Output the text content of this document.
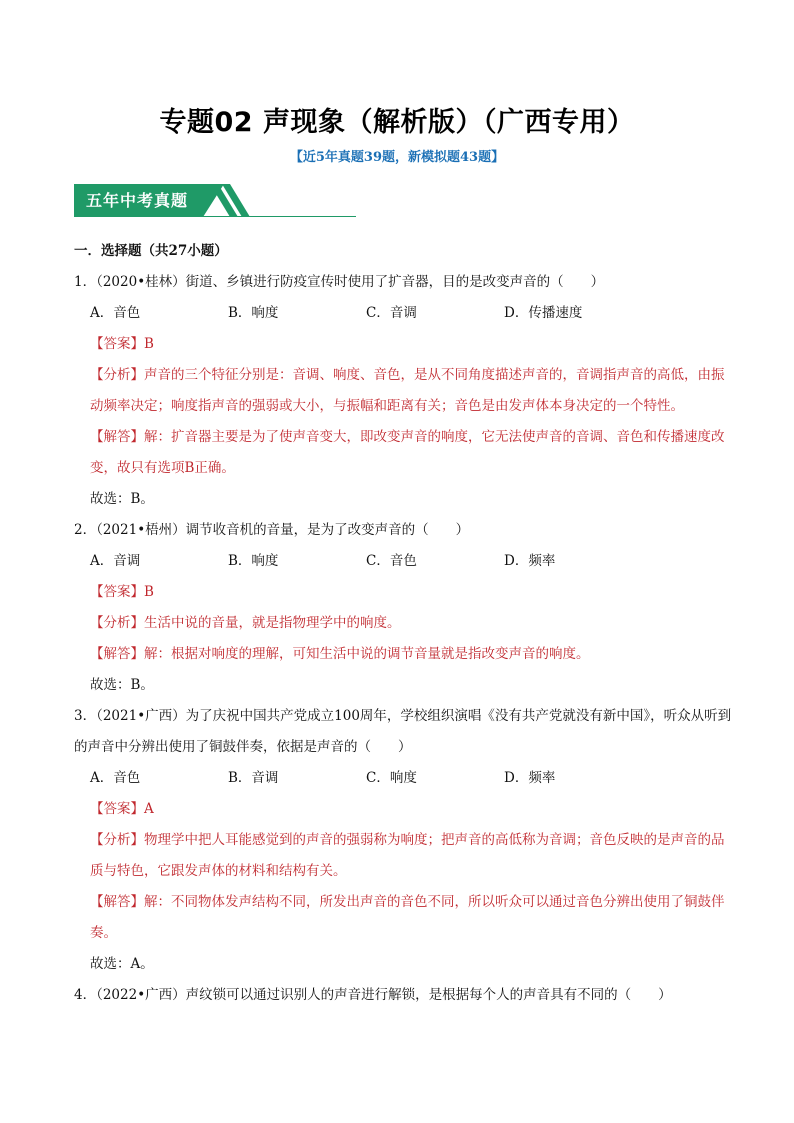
专题02 声现象（解析版）（广西专用）
【近5年真题39题，新模拟题43题】
五年中考真题
一．选择题（共27小题）
1．（2020•桂林）街道、乡镇进行防疫宣传时使用了扩音器，目的是改变声音的（　　）
A．音色	B．响度	C．音调	D．传播速度
【答案】B
【分析】声音的三个特征分别是：音调、响度、音色，是从不同角度描述声音的，音调指声音的高低，由振动频率决定；响度指声音的强弱或大小，与振幅和距离有关；音色是由发声体本身决定的一个特性。
【解答】解：扩音器主要是为了使声音变大，即改变声音的响度，它无法使声音的音调、音色和传播速度改变，故只有选项B正确。
故选：B。
2．（2021•梧州）调节收音机的音量，是为了改变声音的（　　）
A．音调	B．响度	C．音色	D．频率
【答案】B
【分析】生活中说的音量，就是指物理学中的响度。
【解答】解：根据对响度的理解，可知生活中说的调节音量就是指改变声音的响度。
故选：B。
3．（2021•广西）为了庆祝中国共产党成立100周年，学校组织演唱《没有共产党就没有新中国》，听众从听到的声音中分辨出使用了铜鼓伴奏，依据是声音的（　　）
A．音色	B．音调	C．响度	D．频率
【答案】A
【分析】物理学中把人耳能感觉到的声音的强弱称为响度；把声音的高低称为音调；音色反映的是声音的品质与特色，它跟发声体的材料和结构有关。
【解答】解：不同物体发声结构不同，所发出声音的音色不同，所以听众可以通过音色分辨出使用了铜鼓伴奏。
故选：A。
4．（2022•广西）声纹锁可以通过识别人的声音进行解锁，是根据每个人的声音具有不同的（　　）
